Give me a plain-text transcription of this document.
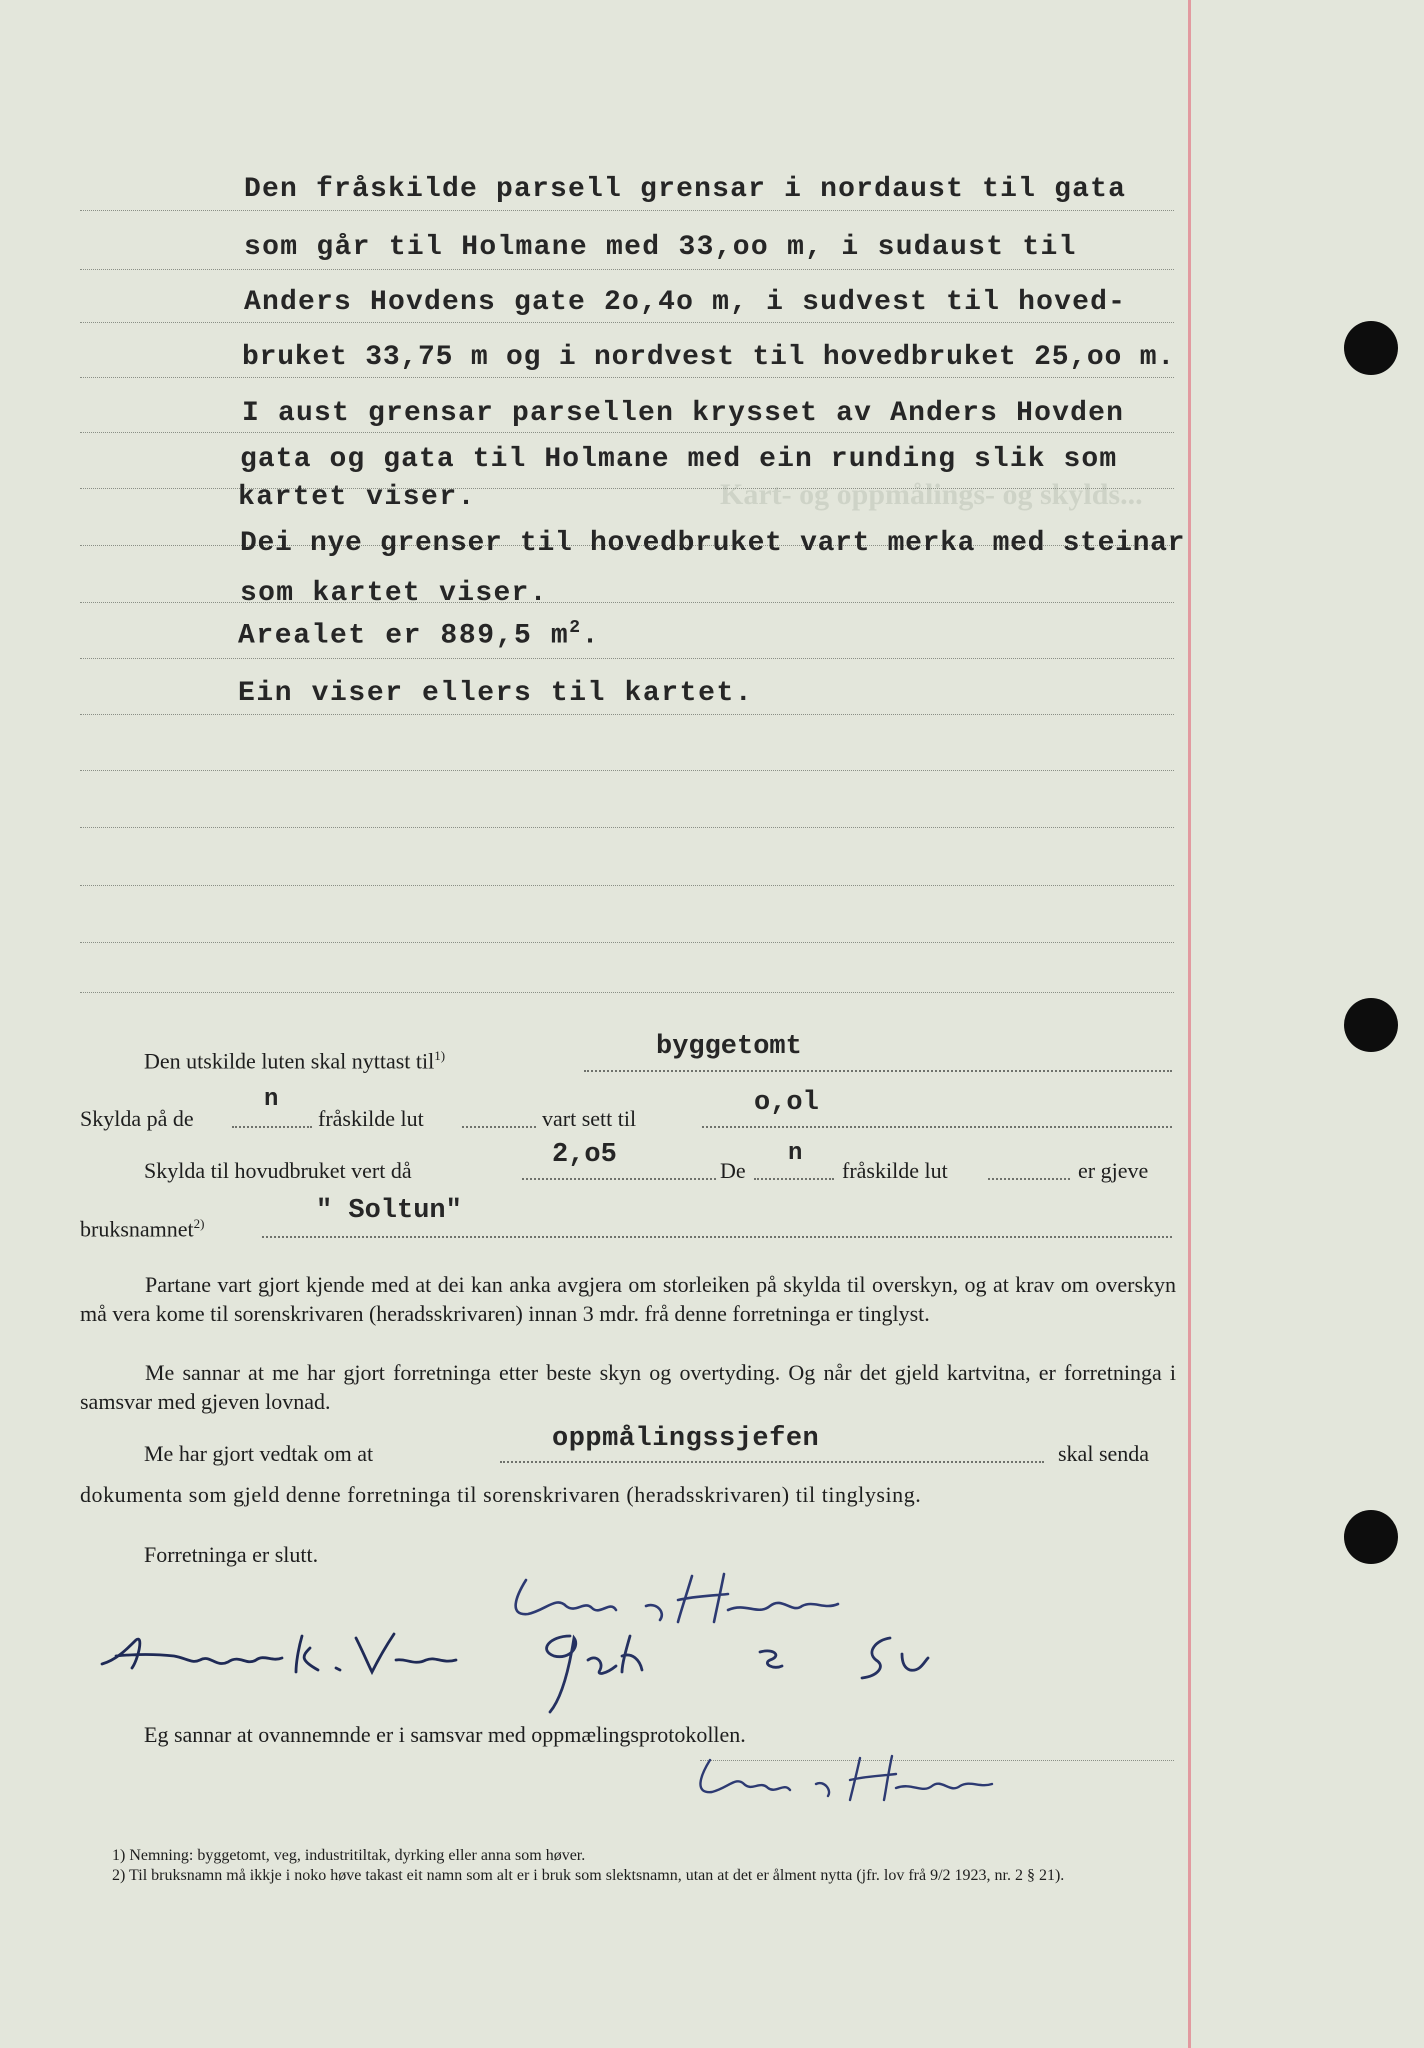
Kart- og oppmålings- og skylds...
Den fråskilde parsell grensar i nordaust til gata
som går til Holmane med 33,oo m, i sudaust til
Anders Hovdens gate 2o,4o m, i sudvest til hoved-
bruket 33,75 m og i nordvest til hovedbruket 25,oo m.
I aust grensar parsellen krysset av Anders Hovden
gata og gata til Holmane med ein runding slik som
kartet viser.
Dei nye grenser til hovedbruket vart merka med steinar
som kartet viser.
Arealet er 889,5 $m^2$.
Ein viser ellers til kartet.
Den utskilde luten skal nyttast til$^{1)}$	byggetomt
Skylda på de
n
fråskilde lut	vart sett til
o,ol
Skylda til hovudbruket vert då
2,o5
De
n
fråskilde lut	er gjeve
bruksnamnet$^{2)}$	" Soltun"
Partane vart gjort kjende med at dei kan anka avgjera om storleiken på skylda til overskyn, og at krav om overskyn må vera kome til sorenskrivaren (heradsskrivaren) innan 3 mdr. frå denne forretninga er tinglyst.
Me sannar at me har gjort forretninga etter beste skyn og overtyding. Og når det gjeld kartvitna, er forretninga i samsvar med gjeven lovnad.
Me har gjort vedtak om at	oppmålingssjefen	skal senda
dokumenta som gjeld denne forretninga til sorenskrivaren (heradsskrivaren) til tinglysing.
Forretninga er slutt.
Eg sannar at ovannemnde er i samsvar med oppmælingsprotokollen.
1) Nemning: byggetomt, veg, industritiltak, dyrking eller anna som høver.
2) Til bruksnamn må ikkje i noko høve takast eit namn som alt er i bruk som slektsnamn, utan at det er ålment nytta (jfr. lov frå 9/2 1923, nr. 2 § 21).
